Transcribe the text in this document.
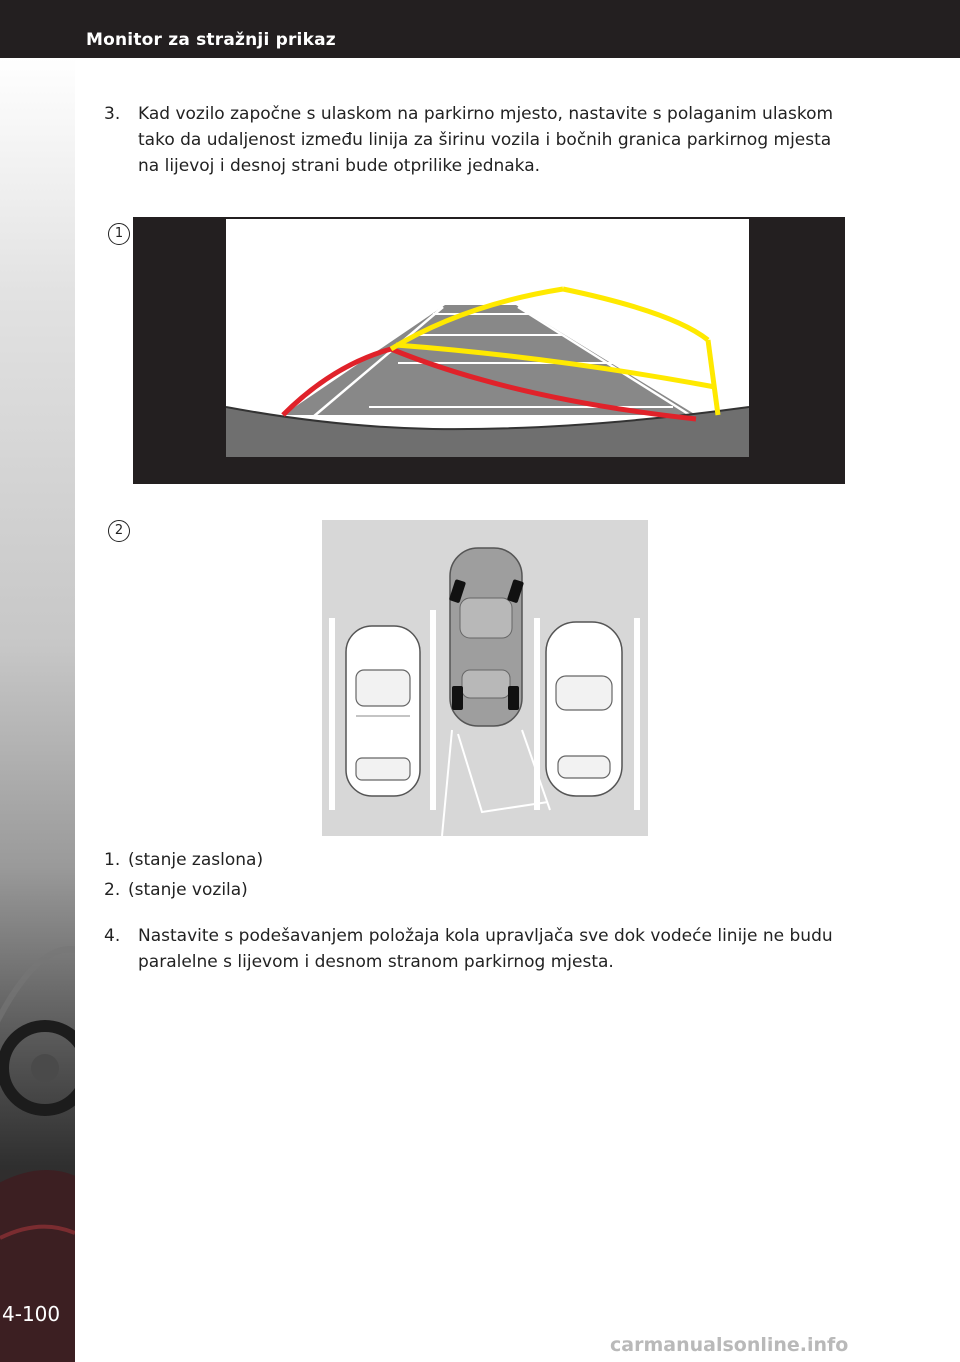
Monitor za stražnji prikaz
4-100
3. Kad vozilo započne s ulaskom na parkirno mjesto, nastavite s polaganim ulaskom tako da udaljenost između linija za širinu vozila i bočnih granica parkirnog mjesta na lijevoj i desnoj strani bude otprilike jednaka.
1
2
1. (stanje zaslona)
2. (stanje vozila)
4. Nastavite s podešavanjem položaja kola upravljača sve dok vodeće linije ne budu paralelne s lijevom i desnom stranom parkirnog mjesta.
carmanualsonline.info
